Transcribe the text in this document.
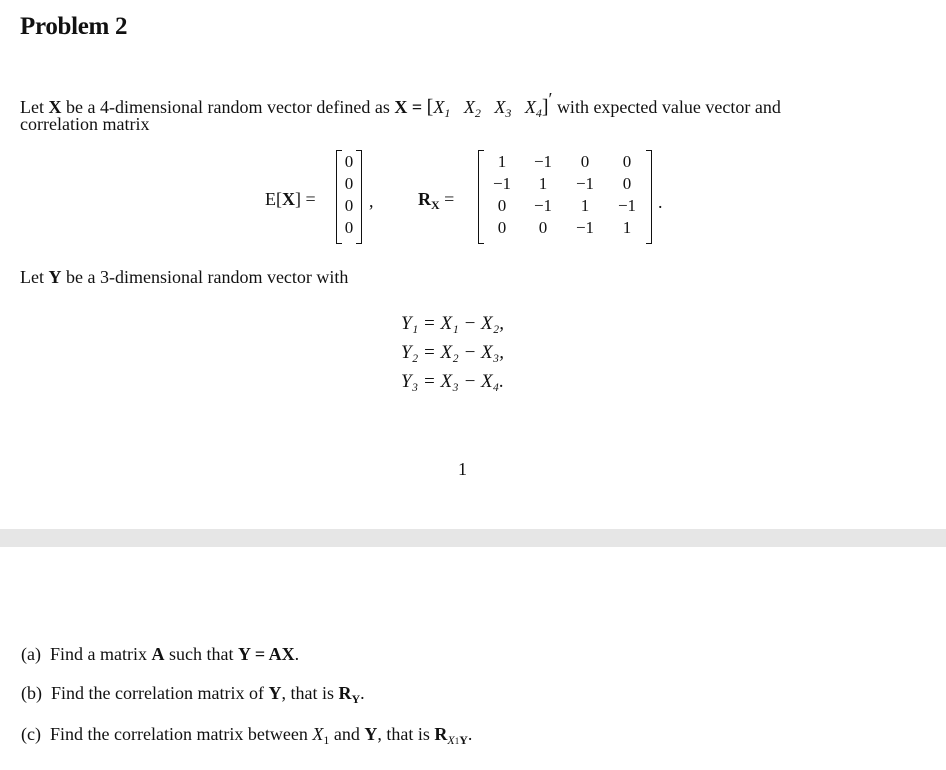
Problem 2
Let X be a 4-dimensional random vector defined as $X = [X_1$ $X_2$ $X_3$ $X_4]'$ with expected value vector and
correlation matrix
E[X] =
0
0
0
0
, $R_X$ =
1	−1	0	0
−1	1	−1	0
0	−1	1	−1
0	0	−1	1
.
Let Y be a 3-dimensional random vector with
Y₁ = X₁ − X₂,
Y₂ = X₂ − X₃,
Y₃ = X₃ − X₄.
1
(a) Find a matrix A such that Y = AX.
(b) Find the correlation matrix of Y, that is $R_Y$.
(c) Find the correlation matrix between $X_1$ and Y, that is $R_{X1Y}$.
